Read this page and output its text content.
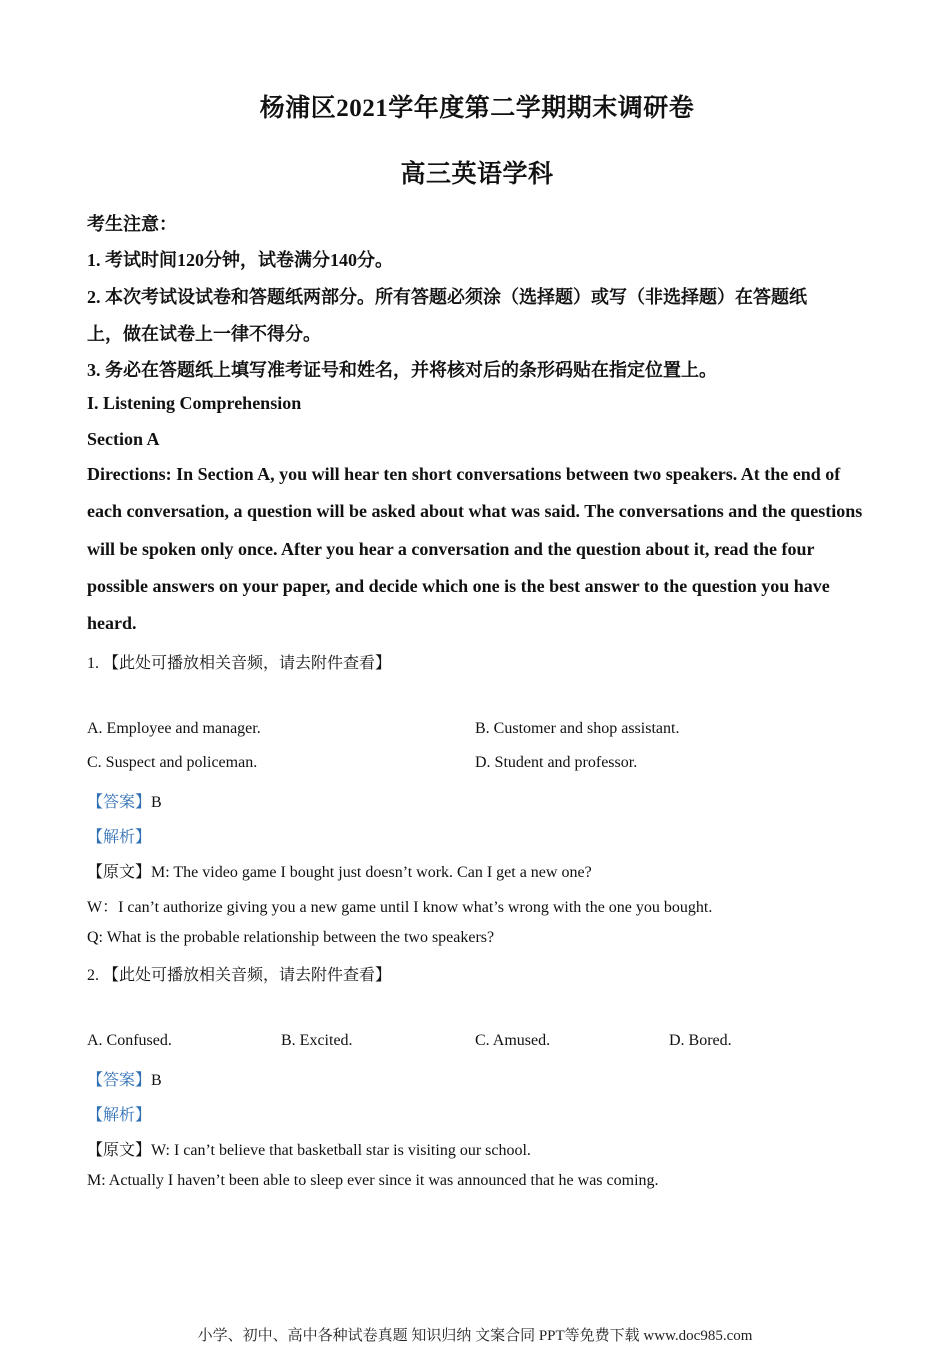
杨浦区2021学年度第二学期期末调研卷
高三英语学科
考生注意：
1. 考试时间120分钟，试卷满分140分。
2. 本次考试设试卷和答题纸两部分。所有答题必须涂（选择题）或写（非选择题）在答题纸
上，做在试卷上一律不得分。
3. 务必在答题纸上填写准考证号和姓名，并将核对后的条形码贴在指定位置上。
I. Listening Comprehension
Section A
Directions: In Section A, you will hear ten short conversations between two speakers. At the end of each conversation, a question will be asked about what was said. The conversations and the questions will be spoken only once. After you hear a conversation and the question about it, read the four possible answers on your paper, and decide which one is the best answer to the question you have heard.
1. 【此处可播放相关音频，请去附件查看】
A. Employee and manager.	B. Customer and shop assistant.
C. Suspect and policeman.	D. Student and professor.
【答案】B
【解析】
【原文】M: The video game I bought just doesn’t work. Can I get a new one?
W：I can’t authorize giving you a new game until I know what’s wrong with the one you bought.
Q: What is the probable relationship between the two speakers?
2. 【此处可播放相关音频，请去附件查看】
A. Confused.	B. Excited.	C. Amused.	D. Bored.
【答案】B
【解析】
【原文】W: I can’t believe that basketball star is visiting our school.
M: Actually I haven’t been able to sleep ever since it was announced that he was coming.
小学、初中、高中各种试卷真题 知识归纳 文案合同 PPT等免费下载 www.doc985.com
